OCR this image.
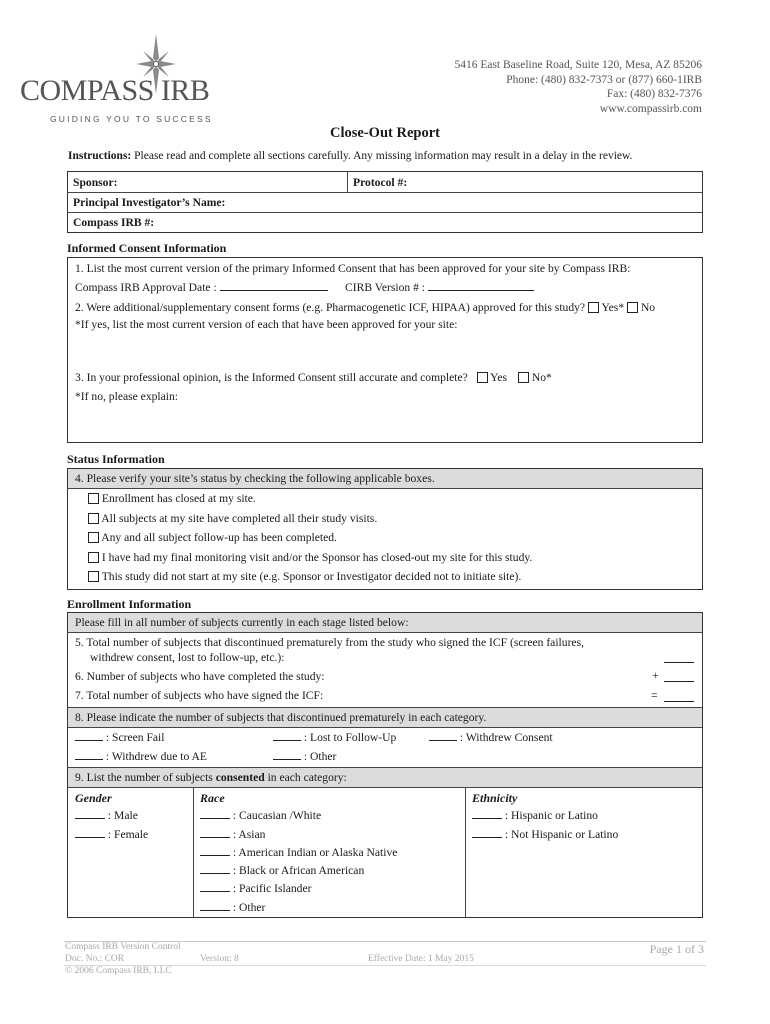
COMPASS IRB
GUIDING YOU TO SUCCESS
5416 East Baseline Road, Suite 120, Mesa, AZ 85206
Phone: (480) 832-7373 or (877) 660-1IRB
Fax: (480) 832-7376
www.compassirb.com
Close-Out Report
Instructions: Please read and complete all sections carefully. Any missing information may result in a delay in the review.
Sponsor:	Protocol #:
Principal Investigator’s Name:
Compass IRB #:
Informed Consent Information
1. List the most current version of the primary Informed Consent that has been approved for your site by Compass IRB:
Compass IRB Approval Date :	CIRB Version # :
2. Were additional/supplementary consent forms (e.g. Pharmacogenetic ICF, HIPAA) approved for this study? Yes* No
*If yes, list the most current version of each that have been approved for your site:
3. In your professional opinion, is the Informed Consent still accurate and complete? Yes No*
*If no, please explain:
Status Information
4. Please verify your site’s status by checking the following applicable boxes.
Enrollment has closed at my site.
All subjects at my site have completed all their study visits.
Any and all subject follow-up has been completed.
I have had my final monitoring visit and/or the Sponsor has closed-out my site for this study.
This study did not start at my site (e.g. Sponsor or Investigator decided not to initiate site).
Enrollment Information
Please fill in all number of subjects currently in each stage listed below:
5. Total number of subjects that discontinued prematurely from the study who signed the ICF (screen failures,
withdrew consent, lost to follow-up, etc.):
6. Number of subjects who have completed the study:	+
7. Total number of subjects who have signed the ICF:	=
8. Please indicate the number of subjects that discontinued prematurely in each category.
: Screen Fail	: Lost to Follow-Up	: Withdrew Consent
: Withdrew due to AE	: Other
9. List the number of subjects consented in each category:
Gender
: Male
: Female
Race
: Caucasian /White
: Asian
: American Indian or Alaska Native
: Black or African American
: Pacific Islander
: Other
Ethnicity
: Hispanic or Latino
: Not Hispanic or Latino
Compass IRB Version Control
Doc. No.: COR	Version: 8	Effective Date: 1 May 2015
© 2006 Compass IRB, LLC
Page 1 of 3
